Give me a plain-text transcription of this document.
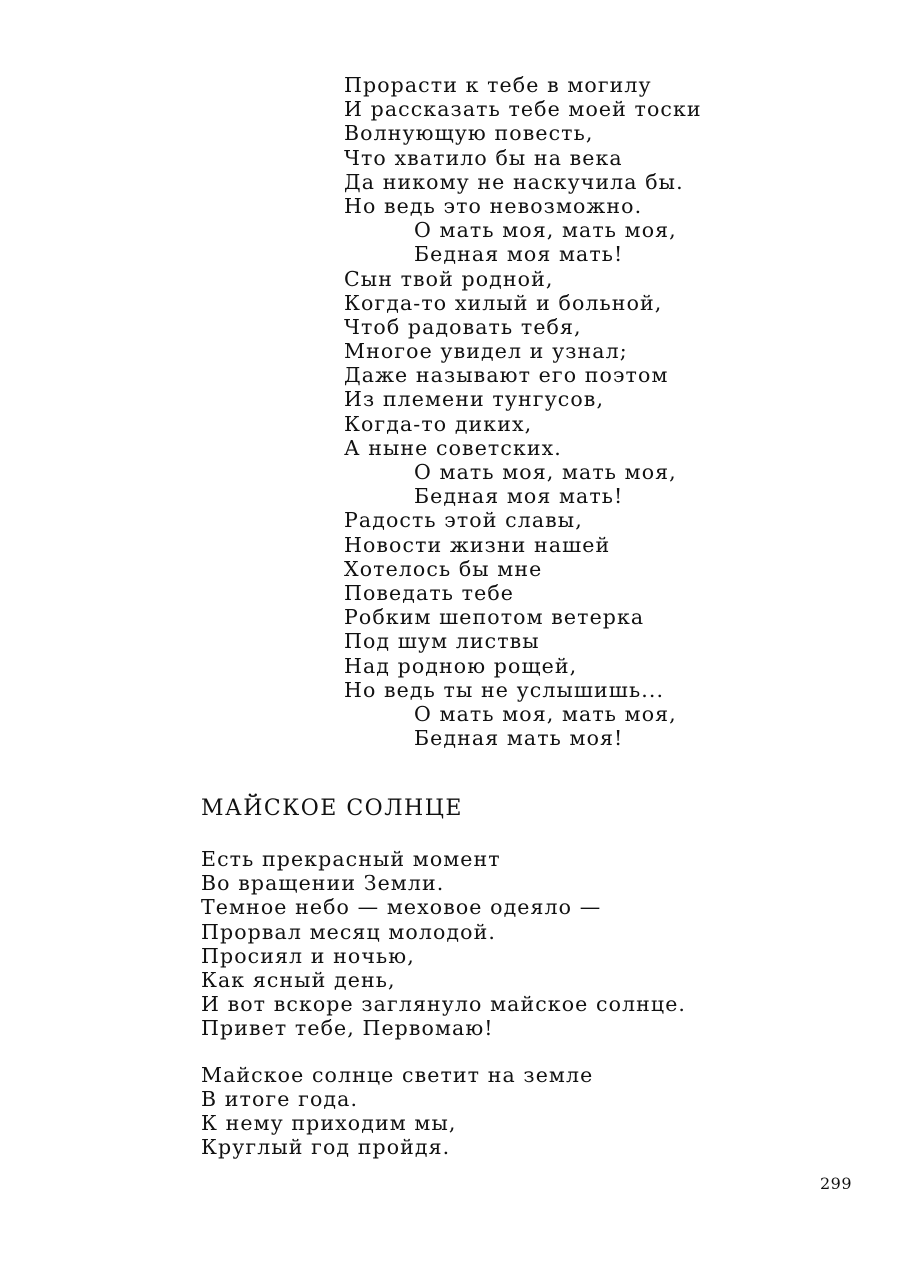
Прорасти к тебе в могилу
И рассказать тебе моей тоски
Волнующую повесть,
Что хватило бы на века
Да никому не наскучила бы.
Но ведь это невозможно.
О мать моя, мать моя,
Бедная моя мать!
Сын твой родной,
Когда-то хилый и больной,
Чтоб радовать тебя,
Многое увидел и узнал;
Даже называют его поэтом
Из племени тунгусов,
Когда-то диких,
А ныне советских.
О мать моя, мать моя,
Бедная моя мать!
Радость этой славы,
Новости жизни нашей
Хотелось бы мне
Поведать тебе
Робким шепотом ветерка
Под шум листвы
Над родною рощей,
Но ведь ты не услышишь...
О мать моя, мать моя,
Бедная мать моя!
МАЙСКОЕ СОЛНЦЕ
Есть прекрасный момент
Во вращении Земли.
Темное небо — меховое одеяло —
Прорвал месяц молодой.
Просиял и ночью,
Как ясный день,
И вот вскоре заглянуло майское солнце.
Привет тебе, Первомаю!
Майское солнце светит на земле
В итоге года.
К нему приходим мы,
Круглый год пройдя.
299
